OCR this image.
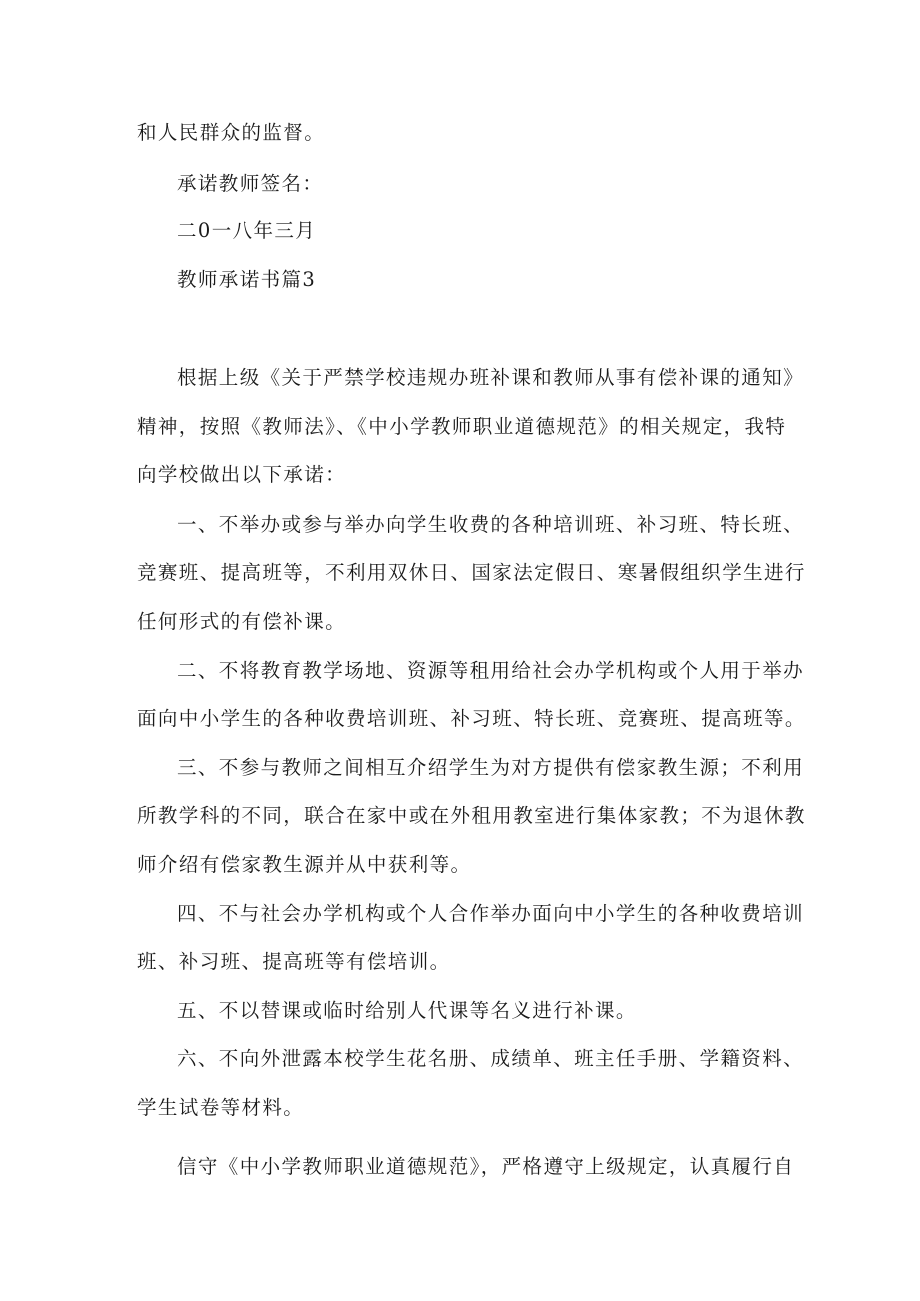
和人民群众的监督。
承诺教师签名：
二0一八年三月
教师承诺书篇3
根据上级《关于严禁学校违规办班补课和教师从事有偿补课的通知》
精神，按照《教师法》、《中小学教师职业道德规范》的相关规定，我特
向学校做出以下承诺：
一、不举办或参与举办向学生收费的各种培训班、补习班、特长班、
竞赛班、提高班等，不利用双休日、国家法定假日、寒暑假组织学生进行
任何形式的有偿补课。
二、不将教育教学场地、资源等租用给社会办学机构或个人用于举办
面向中小学生的各种收费培训班、补习班、特长班、竞赛班、提高班等。
三、不参与教师之间相互介绍学生为对方提供有偿家教生源；不利用
所教学科的不同，联合在家中或在外租用教室进行集体家教；不为退休教
师介绍有偿家教生源并从中获利等。
四、不与社会办学机构或个人合作举办面向中小学生的各种收费培训
班、补习班、提高班等有偿培训。
五、不以替课或临时给别人代课等名义进行补课。
六、不向外泄露本校学生花名册、成绩单、班主任手册、学籍资料、
学生试卷等材料。
信守《中小学教师职业道德规范》，严格遵守上级规定，认真履行自
